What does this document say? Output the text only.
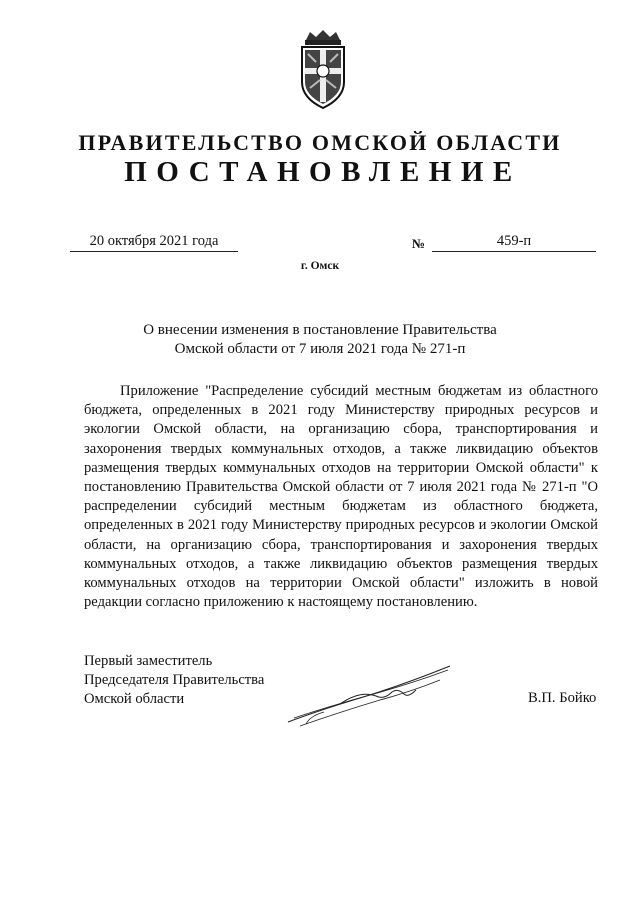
ПРАВИТЕЛЬСТВО ОМСКОЙ ОБЛАСТИ
ПОСТАНОВЛЕНИЕ
20 октября 2021 года	№	459-п
г. Омск
О внесении изменения в постановление Правительства
Омской области от 7 июля 2021 года № 271-п
Приложение "Распределение субсидий местным бюджетам из областного бюджета, определенных в 2021 году Министерству природных ресурсов и экологии Омской области, на организацию сбора, транспортирования и захоронения твердых коммунальных отходов, а также ликвидацию объектов размещения твердых коммунальных отходов на территории Омской области" к постановлению Правительства Омской области от 7 июля 2021 года № 271-п "О распределении субсидий местным бюджетам из областного бюджета, определенных в 2021 году Министерству природных ресурсов и экологии Омской области, на организацию сбора, транспортирования и захоронения твердых коммунальных отходов, а также ликвидацию объектов размещения твердых коммунальных отходов на территории Омской области" изложить в новой редакции согласно приложению к настоящему постановлению.
Первый заместитель
Председателя Правительства
Омской области	В.П. Бойко
